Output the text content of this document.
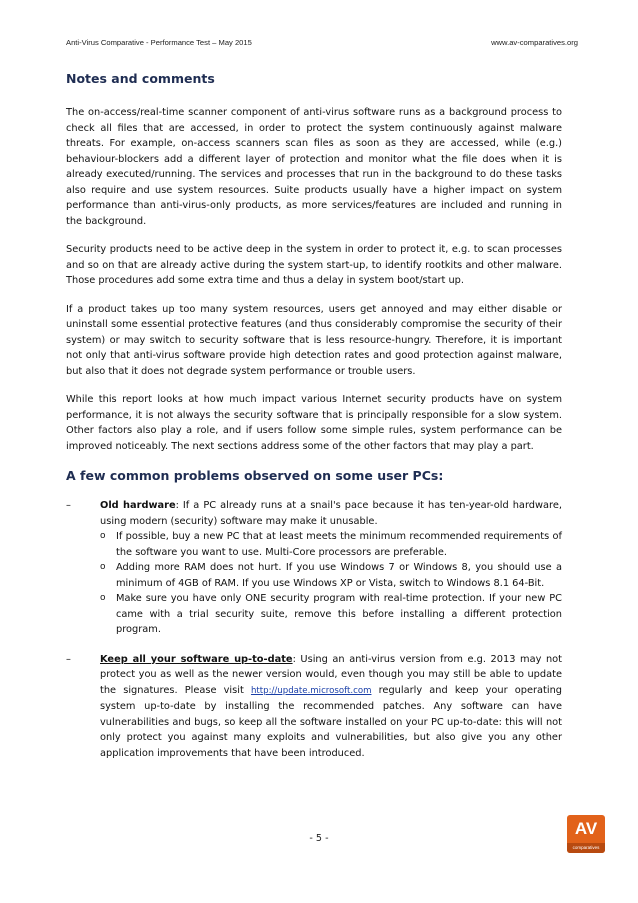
Anti-Virus Comparative - Performance Test – May 2015	www.av-comparatives.org
Notes and comments

The on-access/real-time scanner component of anti-virus software runs as a background process to check all files that are accessed, in order to protect the system continuously against malware threats. For example, on-access scanners scan files as soon as they are accessed, while (e.g.) behaviour-blockers add a different layer of protection and monitor what the file does when it is already executed/running. The services and processes that run in the background to do these tasks also require and use system resources. Suite products usually have a higher impact on system performance than anti-virus-only products, as more services/features are included and running in the background.

Security products need to be active deep in the system in order to protect it, e.g. to scan processes and so on that are already active during the system start-up, to identify rootkits and other malware. Those procedures add some extra time and thus a delay in system boot/start up.

If a product takes up too many system resources, users get annoyed and may either disable or uninstall some essential protective features (and thus considerably compromise the security of their system) or may switch to security software that is less resource-hungry. Therefore, it is important not only that anti-virus software provide high detection rates and good protection against malware, but also that it does not degrade system performance or trouble users.

While this report looks at how much impact various Internet security products have on system performance, it is not always the security software that is principally responsible for a slow system. Other factors also play a role, and if users follow some simple rules, system performance can be improved noticeably. The next sections address some of the other factors that may play a part.

A few common problems observed on some user PCs:
–	Old hardware: If a PC already runs at a snail's pace because it has ten-year-old hardware, using modern (security) software may make it unusable.
o If possible, buy a new PC that at least meets the minimum recommended requirements of the software you want to use. Multi-Core processors are preferable.
o Adding more RAM does not hurt. If you use Windows 7 or Windows 8, you should use a minimum of 4GB of RAM. If you use Windows XP or Vista, switch to Windows 8.1 64-Bit.
o Make sure you have only ONE security program with real-time protection. If your new PC came with a trial security suite, remove this before installing a different protection program.
–	Keep all your software up-to-date: Using an anti-virus version from e.g. 2013 may not protect you as well as the newer version would, even though you may still be able to update the signatures. Please visit http://update.microsoft.com regularly and keep your operating system up-to-date by installing the recommended patches. Any software can have vulnerabilities and bugs, so keep all the software installed on your PC up-to-date: this will not only protect you against many exploits and vulnerabilities, but also give you any other application improvements that have been introduced.
- 5 -
AV
comparatives
